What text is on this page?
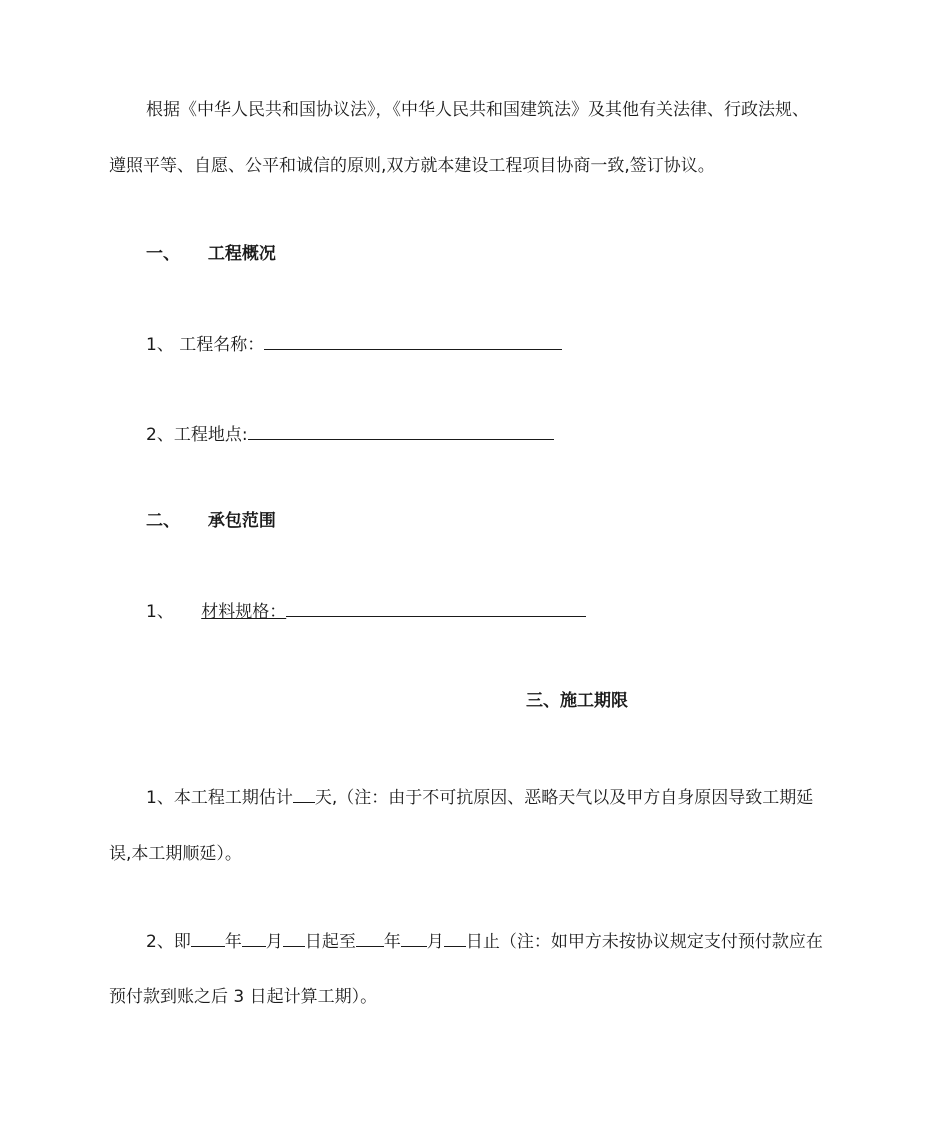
根据《中华人民共和国协议法》，《中华人民共和国建筑法》及其他有关法律、行政法规、
遵照平等、自愿、公平和诚信的原则,双方就本建设工程项目协商一致,签订协议。
一、 工程概况
1、 工程名称：
2、工程地点:
二、 承包范围
1、 材料规格：
三、施工期限
1、本工程工期估计 天,（注：由于不可抗原因、恶略天气以及甲方自身原因导致工期延
误,本工期顺延）。
2、即 年 月 日起至 年 月 日止（注：如甲方未按协议规定支付预付款应在
预付款到账之后 3 日起计算工期）。
